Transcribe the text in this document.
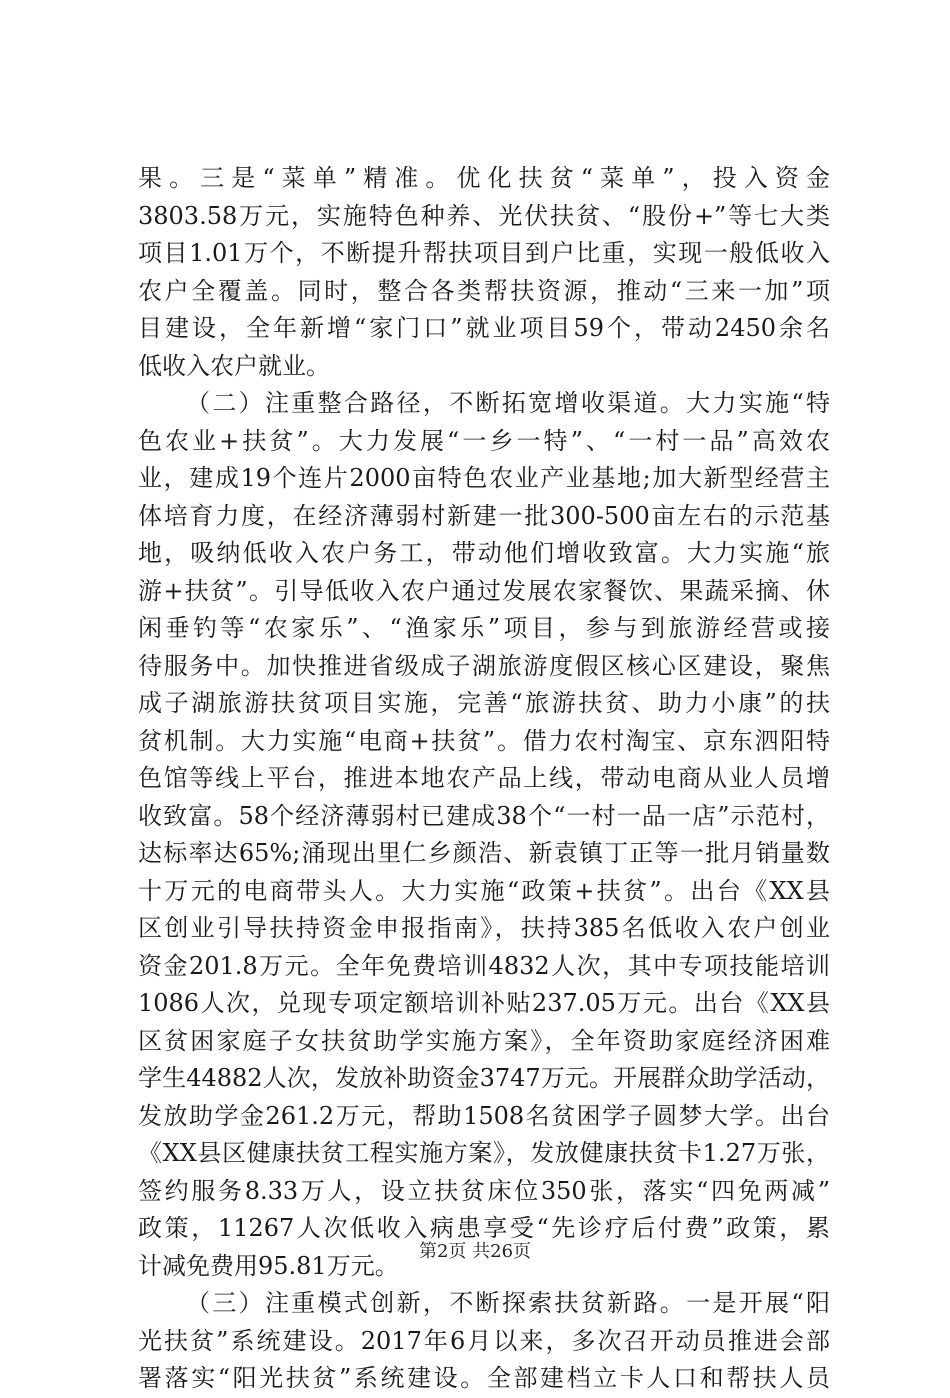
果。三是“菜单”精准。优化扶贫“菜单”，投入资金
3803.58万元，实施特色种养、光伏扶贫、“股份+”等七大类
项目1.01万个，不断提升帮扶项目到户比重，实现一般低收入
农户全覆盖。同时，整合各类帮扶资源，推动“三来一加”项
目建设，全年新增“家门口”就业项目59个，带动2450余名
低收入农户就业。
（二）注重整合路径，不断拓宽增收渠道。大力实施“特
色农业+扶贫”。大力发展“一乡一特”、“一村一品”高效农
业，建成19个连片2000亩特色农业产业基地;加大新型经营主
体培育力度，在经济薄弱村新建一批300-500亩左右的示范基
地，吸纳低收入农户务工，带动他们增收致富。大力实施“旅
游+扶贫”。引导低收入农户通过发展农家餐饮、果蔬采摘、休
闲垂钓等“农家乐”、“渔家乐”项目，参与到旅游经营或接
待服务中。加快推进省级成子湖旅游度假区核心区建设，聚焦
成子湖旅游扶贫项目实施，完善“旅游扶贫、助力小康”的扶
贫机制。大力实施“电商+扶贫”。借力农村淘宝、京东泗阳特
色馆等线上平台，推进本地农产品上线，带动电商从业人员增
收致富。58个经济薄弱村已建成38个“一村一品一店”示范村，
达标率达65%;涌现出里仁乡颜浩、新袁镇丁正等一批月销量数
十万元的电商带头人。大力实施“政策+扶贫”。出台《XX县
区创业引导扶持资金申报指南》，扶持385名低收入农户创业
资金201.8万元。全年免费培训4832人次，其中专项技能培训
1086人次，兑现专项定额培训补贴237.05万元。出台《XX县
区贫困家庭子女扶贫助学实施方案》，全年资助家庭经济困难
学生44882人次，发放补助资金3747万元。开展群众助学活动，
发放助学金261.2万元，帮助1508名贫困学子圆梦大学。出台
《XX县区健康扶贫工程实施方案》，发放健康扶贫卡1.27万张，
签约服务8.33万人，设立扶贫床位350张，落实“四免两减”
政策，11267人次低收入病患享受“先诊疗后付费”政策，累
计减免费用95.81万元。
（三）注重模式创新，不断探索扶贫新路。一是开展“阳
光扶贫”系统建设。2017年6月以来，多次召开动员推进会部
署落实“阳光扶贫”系统建设。全部建档立卡人口和帮扶人员
第2页 共26页
